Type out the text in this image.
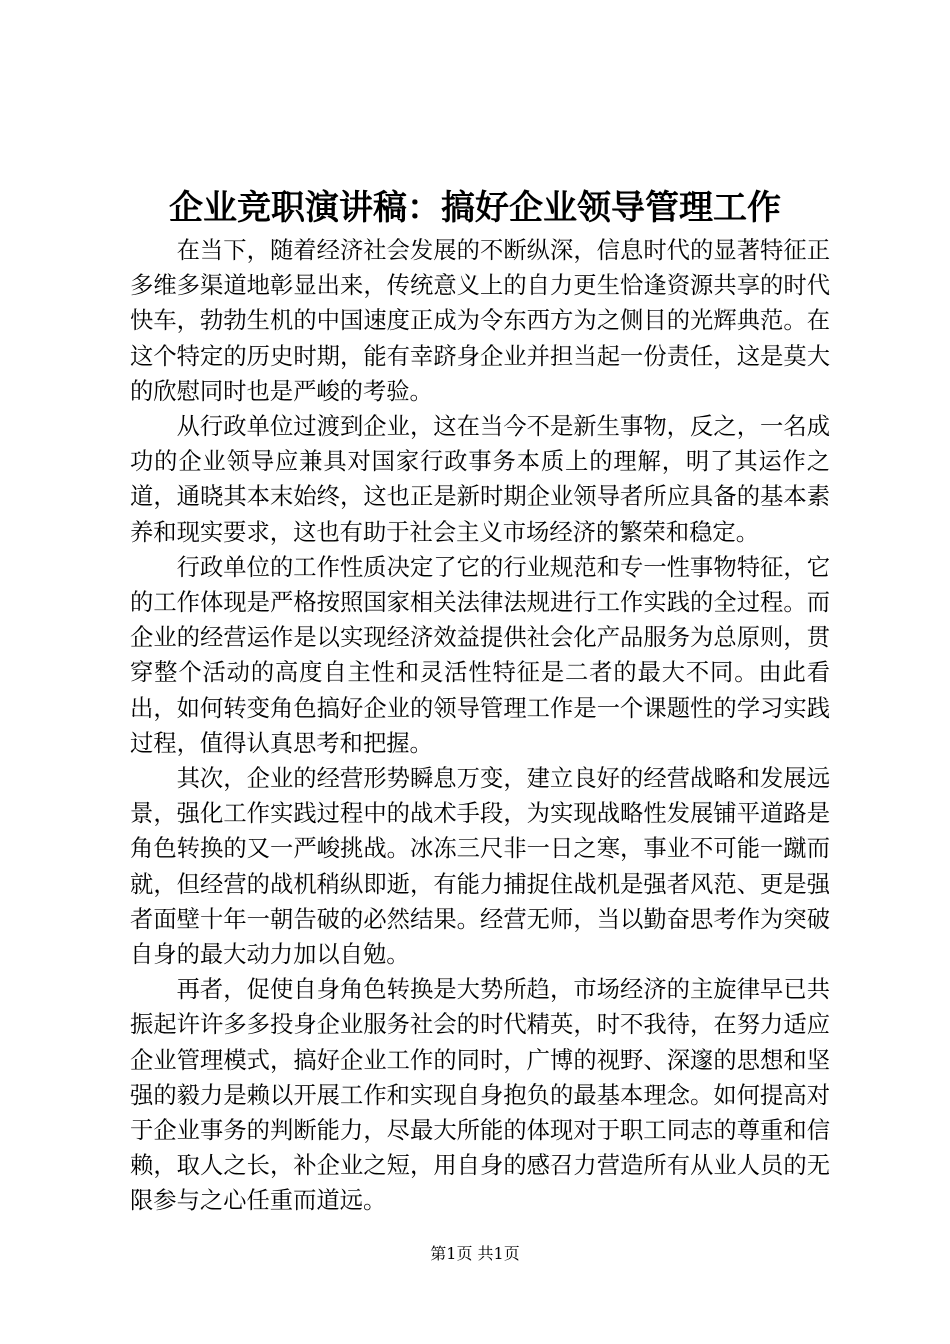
企业竞职演讲稿：搞好企业领导管理工作

在当下，随着经济社会发展的不断纵深，信息时代的显著特征正多维多渠道地彰显出来，传统意义上的自力更生恰逢资源共享的时代快车，勃勃生机的中国速度正成为令东西方为之侧目的光辉典范。在这个特定的历史时期，能有幸跻身企业并担当起一份责任，这是莫大的欣慰同时也是严峻的考验。

从行政单位过渡到企业，这在当今不是新生事物，反之，一名成功的企业领导应兼具对国家行政事务本质上的理解，明了其运作之道，通晓其本末始终，这也正是新时期企业领导者所应具备的基本素养和现实要求，这也有助于社会主义市场经济的繁荣和稳定。

行政单位的工作性质决定了它的行业规范和专一性事物特征，它的工作体现是严格按照国家相关法律法规进行工作实践的全过程。而企业的经营运作是以实现经济效益提供社会化产品服务为总原则，贯穿整个活动的高度自主性和灵活性特征是二者的最大不同。由此看出，如何转变角色搞好企业的领导管理工作是一个课题性的学习实践过程，值得认真思考和把握。

其次，企业的经营形势瞬息万变，建立良好的经营战略和发展远景，强化工作实践过程中的战术手段，为实现战略性发展铺平道路是角色转换的又一严峻挑战。冰冻三尺非一日之寒，事业不可能一蹴而就，但经营的战机稍纵即逝，有能力捕捉住战机是强者风范、更是强者面壁十年一朝告破的必然结果。经营无师，当以勤奋思考作为突破自身的最大动力加以自勉。

再者，促使自身角色转换是大势所趋，市场经济的主旋律早已共振起许许多多投身企业服务社会的时代精英，时不我待，在努力适应企业管理模式，搞好企业工作的同时，广博的视野、深邃的思想和坚强的毅力是赖以开展工作和实现自身抱负的最基本理念。如何提高对于企业事务的判断能力，尽最大所能的体现对于职工同志的尊重和信赖，取人之长，补企业之短，用自身的感召力营造所有从业人员的无限参与之心任重而道远。

第1页 共1页
